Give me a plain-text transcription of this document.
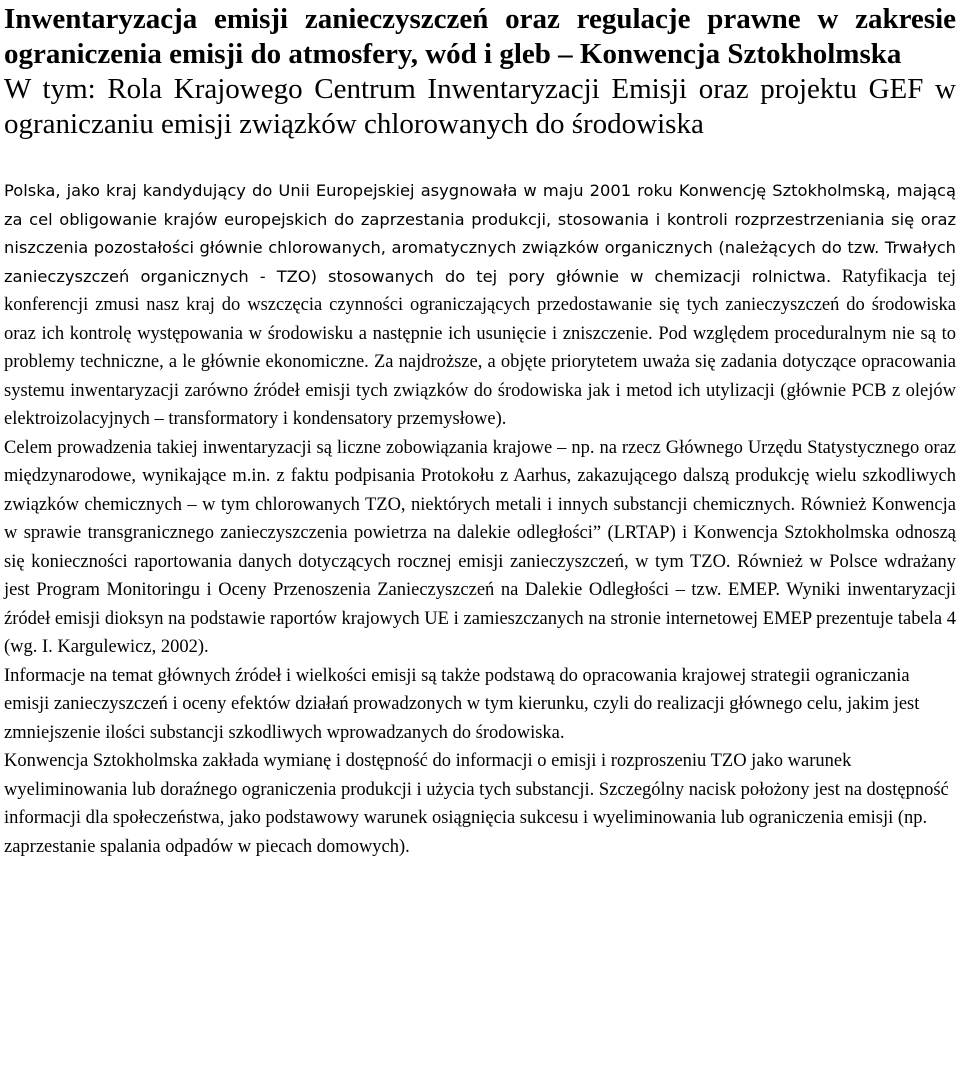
Inwentaryzacja emisji zanieczyszczeń oraz regulacje prawne w zakresie ograniczenia emisji do atmosfery, wód i gleb – Konwencja Sztokholmska
W tym: Rola Krajowego Centrum Inwentaryzacji Emisji oraz projektu GEF w ograniczaniu emisji związków chlorowanych do środowiska

Polska, jako kraj kandydujący do Unii Europejskiej asygnowała w maju 2001 roku Konwencję Sztokholmską, mającą za cel obligowanie krajów europejskich do zaprzestania produkcji, stosowania i kontroli rozprzestrzeniania się oraz niszczenia pozostałości głównie chlorowanych, aromatycznych związków organicznych (należących do tzw. Trwałych zanieczyszczeń organicznych - TZO) stosowanych do tej pory głównie w chemizacji rolnictwa. Ratyfikacja tej konferencji zmusi nasz kraj do wszczęcia czynności ograniczających przedostawanie się tych zanieczyszczeń do środowiska oraz ich kontrolę występowania w środowisku a następnie ich usunięcie i zniszczenie. Pod względem proceduralnym nie są to problemy techniczne, a le głównie ekonomiczne. Za najdroższe, a objęte priorytetem uważa się zadania dotyczące opracowania systemu inwentaryzacji zarówno źródeł emisji tych związków do środowiska jak i metod ich utylizacji (głównie PCB z olejów elektroizolacyjnych – transformatory i kondensatory przemysłowe).

Celem prowadzenia takiej inwentaryzacji są liczne zobowiązania krajowe – np. na rzecz Głównego Urzędu Statystycznego oraz międzynarodowe, wynikające m.in. z faktu podpisania Protokołu z Aarhus, zakazującego dalszą produkcję wielu szkodliwych związków chemicznych – w tym chlorowanych TZO, niektórych metali i innych substancji chemicznych. Również Konwencja w sprawie transgranicznego zanieczyszczenia powietrza na dalekie odległości” (LRTAP) i Konwencja Sztokholmska odnoszą się konieczności raportowania danych dotyczących rocznej emisji zanieczyszczeń, w tym TZO. Również w Polsce wdrażany jest Program Monitoringu i Oceny Przenoszenia Zanieczyszczeń na Dalekie Odległości – tzw. EMEP. Wyniki inwentaryzacji źródeł emisji dioksyn na podstawie raportów krajowych UE i zamieszczanych na stronie internetowej EMEP prezentuje tabela 4 (wg. I. Kargulewicz, 2002).

Informacje na temat głównych źródeł i wielkości emisji są także podstawą do opracowania krajowej strategii ograniczania emisji zanieczyszczeń i oceny efektów działań prowadzonych w tym kierunku, czyli do realizacji głównego celu, jakim jest zmniejszenie ilości substancji szkodliwych wprowadzanych do środowiska.

Konwencja Sztokholmska zakłada wymianę i dostępność do informacji o emisji i rozproszeniu TZO jako warunek wyeliminowania lub doraźnego ograniczenia produkcji i użycia tych substancji. Szczególny nacisk położony jest na dostępność informacji dla społeczeństwa, jako podstawowy warunek osiągnięcia sukcesu i wyeliminowania lub ograniczenia emisji (np. zaprzestanie spalania odpadów w piecach domowych).
